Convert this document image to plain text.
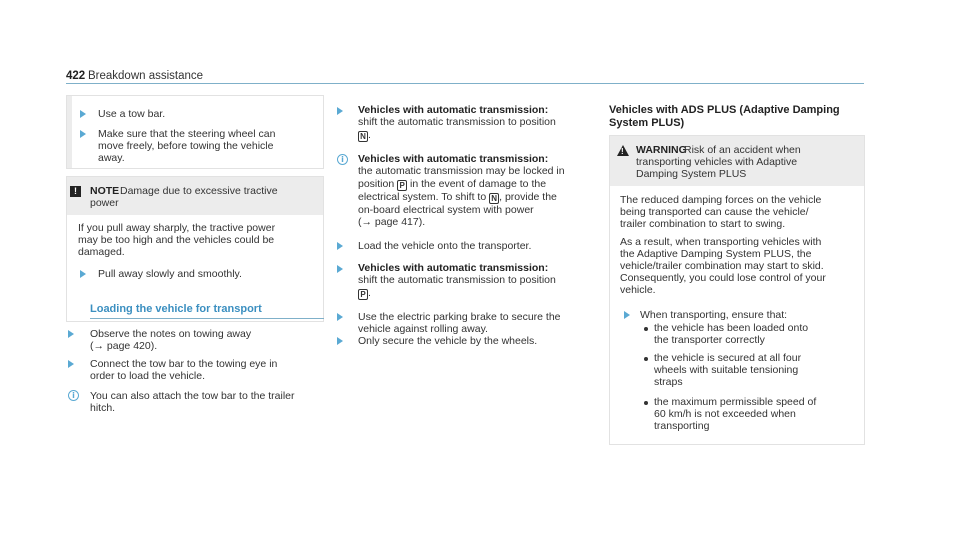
422 Breakdown assistance
Use a tow bar.
Make sure that the steering wheel can
move freely, before towing the vehicle
away.
!	NOTE Damage due to excessive tractive
power
If you pull away sharply, the tractive power
may be too high and the vehicles could be
damaged.
Pull away slowly and smoothly.
Loading the vehicle for transport
Observe the notes on towing away
(→ page 420).
Connect the tow bar to the towing eye in
order to load the vehicle.
i	You can also attach the tow bar to the trailer
hitch.
Vehicles with automatic transmission:
shift the automatic transmission to position
N .
i	Vehicles with automatic transmission:
the automatic transmission may be locked in
position P in the event of damage to the
electrical system. To shift to N , provide the
on-board electrical system with power
(→ page 417).
Load the vehicle onto the transporter.
Vehicles with automatic transmission:
shift the automatic transmission to position
P .
Use the electric parking brake to secure the
vehicle against rolling away.
Only secure the vehicle by the wheels.
Vehicles with ADS PLUS (Adaptive Damping
System PLUS)
! WARNING
Risk of an accident when
transporting vehicles with Adaptive
Damping System PLUS
The reduced damping forces on the vehicle
being transported can cause the vehicle/
trailer combination to start to swing.
As a result, when transporting vehicles with
the Adaptive Damping System PLUS, the
vehicle/trailer combination may start to skid.
Consequently, you could lose control of your
vehicle.
When transporting, ensure that:
the vehicle has been loaded onto
the transporter correctly
the vehicle is secured at all four
wheels with suitable tensioning
straps
the maximum permissible speed of
60 km/h is not exceeded when
transporting
